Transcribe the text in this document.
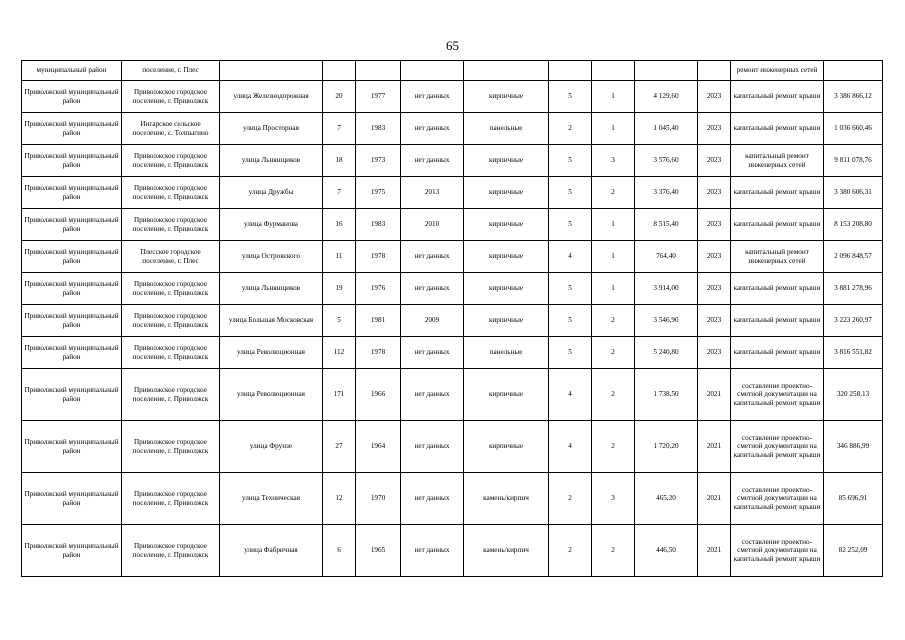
65
муниципальный район	поселение, г. Плес										ремонт инженерных сетей	
Приволжский муниципальный район	Приволжское городское поселение, г. Приволжск	улица Железнодорожная	20	1977	нет данных	кирпичные	5	1	4 129,60	2023	капитальный ремонт крыши	3 386 866,12
Приволжский муниципальный район	Ингарское сельское поселение, с. Толпыгино	улица Просторная	7	1983	нет данных	панельные	2	1	1 045,40	2023	капитальный ремонт крыши	1 036 660,46
Приволжский муниципальный район	Приволжское городское поселение, г. Приволжск	улица Льнянщиков	18	1973	нет данных	кирпичные	5	3	3 576,60	2023	капитальный ремонт инженерных сетей	9 811 078,76
Приволжский муниципальный район	Приволжское городское поселение, г. Приволжск	улица Дружбы	7	1975	2013	кирпичные	5	2	3 376,40	2023	капитальный ремонт крыши	3 380 606,31
Приволжский муниципальный район	Приволжское городское поселение, г. Приволжск	улица Фурманова	16	1983	2010	кирпичные	5	1	8 515,40	2023	капитальный ремонт крыши	8 153 208,80
Приволжский муниципальный район	Плесское городское поселение, г. Плес	улица Островского	11	1978	нет данных	кирпичные	4	1	764,40	2023	капитальный ремонт инженерных сетей	2 096 848,57
Приволжский муниципальный район	Приволжское городское поселение, г. Приволжск	улица Льнянщиков	19	1976	нет данных	кирпичные	5	1	3 914,00	2023	капитальный ремонт крыши	3 881 278,96
Приволжский муниципальный район	Приволжское городское поселение, г. Приволжск	улица Большая Московская	5	1981	2009	кирпичные	5	2	3 546,90	2023	капитальный ремонт крыши	3 223 260,97
Приволжский муниципальный район	Приволжское городское поселение, г. Приволжск	улица Революционная	112	1978	нет данных	панельные	5	2	5 240,80	2023	капитальный ремонт крыши	3 816 551,82
Приволжский муниципальный район	Приволжское городское поселение, г. Приволжск	улица Революционная	171	1966	нет данных	кирпичные	4	2	1 738,50	2021	составление проектно-сметной документации на капитальный ремонт крыши	320 258,13
Приволжский муниципальный район	Приволжское городское поселение, г. Приволжск	улица Фрунзе	27	1964	нет данных	кирпичные	4	2	1 720,20	2021	составление проектно-сметной документации на капитальный ремонт крыши	346 886,99
Приволжский муниципальный район	Приволжское городское поселение, г. Приволжск	улица Техническая	12	1970	нет данных	камень/кирпич	2	3	465,20	2021	составление проектно-сметной документации на капитальный ремонт крыши	85 696,91
Приволжский муниципальный район	Приволжское городское поселение, г. Приволжск	улица Фабричная	6	1965	нет данных	камень/кирпич	2	2	446,50	2021	составление проектно-сметной документации на капитальный ремонт крыши	82 252,09
